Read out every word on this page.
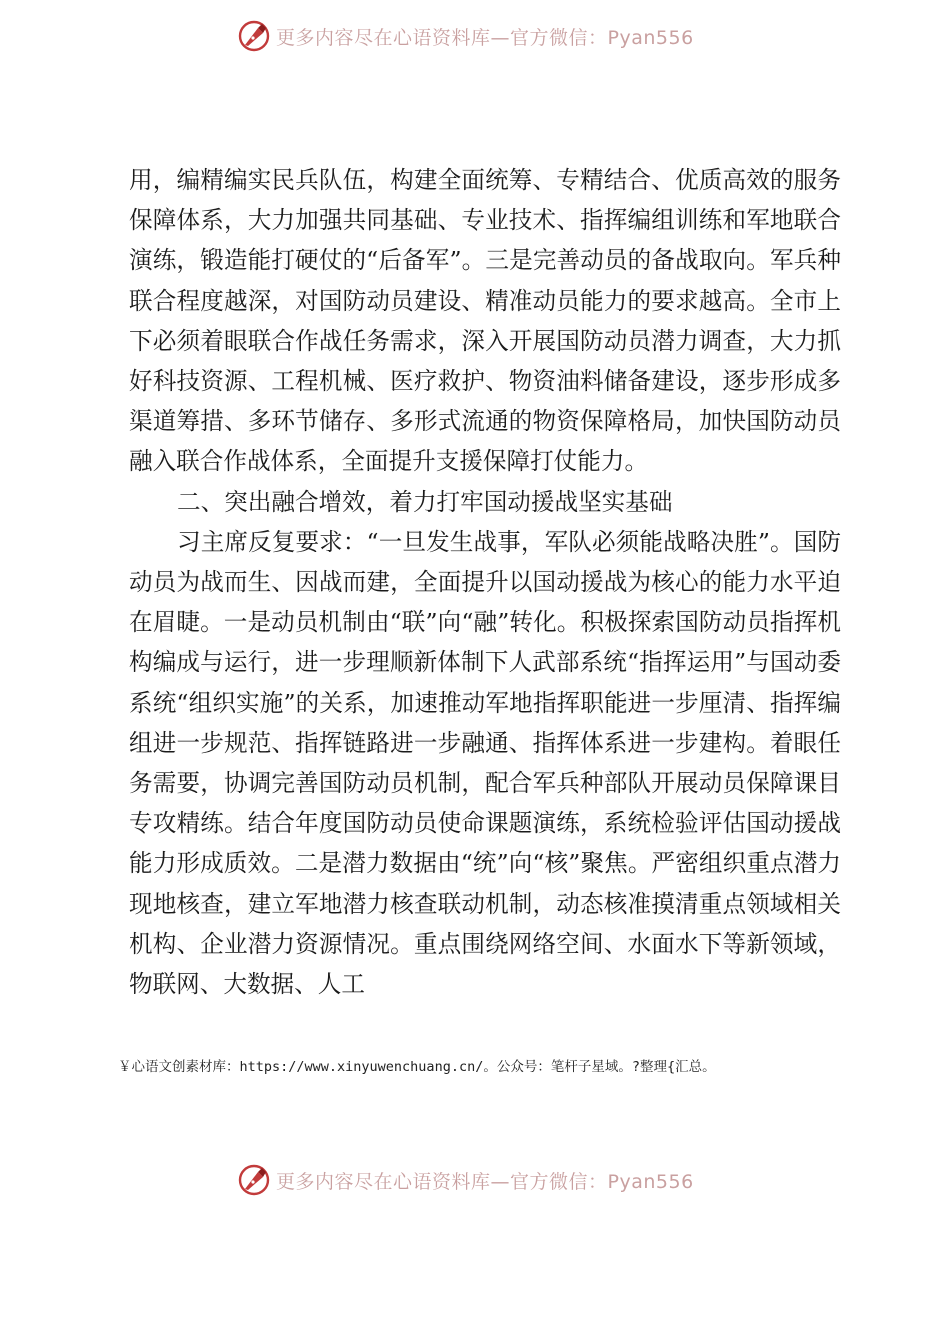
更多内容尽在心语资料库—官方微信：Pyan556

用，编精编实民兵队伍，构建全面统筹、专精结合、优质高效的服务保障体系，大力加强共同基础、专业技术、指挥编组训练和军地联合演练，锻造能打硬仗的“后备军”。三是完善动员的备战取向。军兵种联合程度越深，对国防动员建设、精准动员能力的要求越高。全市上下必须着眼联合作战任务需求，深入开展国防动员潜力调查，大力抓好科技资源、工程机械、医疗救护、物资油料储备建设，逐步形成多渠道筹措、多环节储存、多形式流通的物资保障格局，加快国防动员融入联合作战体系，全面提升支援保障打仗能力。

二、突出融合增效，着力打牢国动援战坚实基础

习主席反复要求：“一旦发生战事，军队必须能战略决胜”。国防动员为战而生、因战而建，全面提升以国动援战为核心的能力水平迫在眉睫。一是动员机制由“联”向“融”转化。积极探索国防动员指挥机构编成与运行，进一步理顺新体制下人武部系统“指挥运用”与国动委系统“组织实施”的关系，加速推动军地指挥职能进一步厘清、指挥编组进一步规范、指挥链路进一步融通、指挥体系进一步建构。着眼任务需要，协调完善国防动员机制，配合军兵种部队开展动员保障课目专攻精练。结合年度国防动员使命课题演练，系统检验评估国动援战能力形成质效。二是潜力数据由“统”向“核”聚焦。严密组织重点潜力现地核查，建立军地潜力核查联动机制，动态核准摸清重点领域相关机构、企业潜力资源情况。重点围绕网络空间、水面水下等新领域，物联网、大数据、人工

￥心语文创素材库：https://www.xinyuwenchuang.cn/。公众号：笔杆子星域。?整理{汇总。
更多内容尽在心语资料库—官方微信：Pyan556
